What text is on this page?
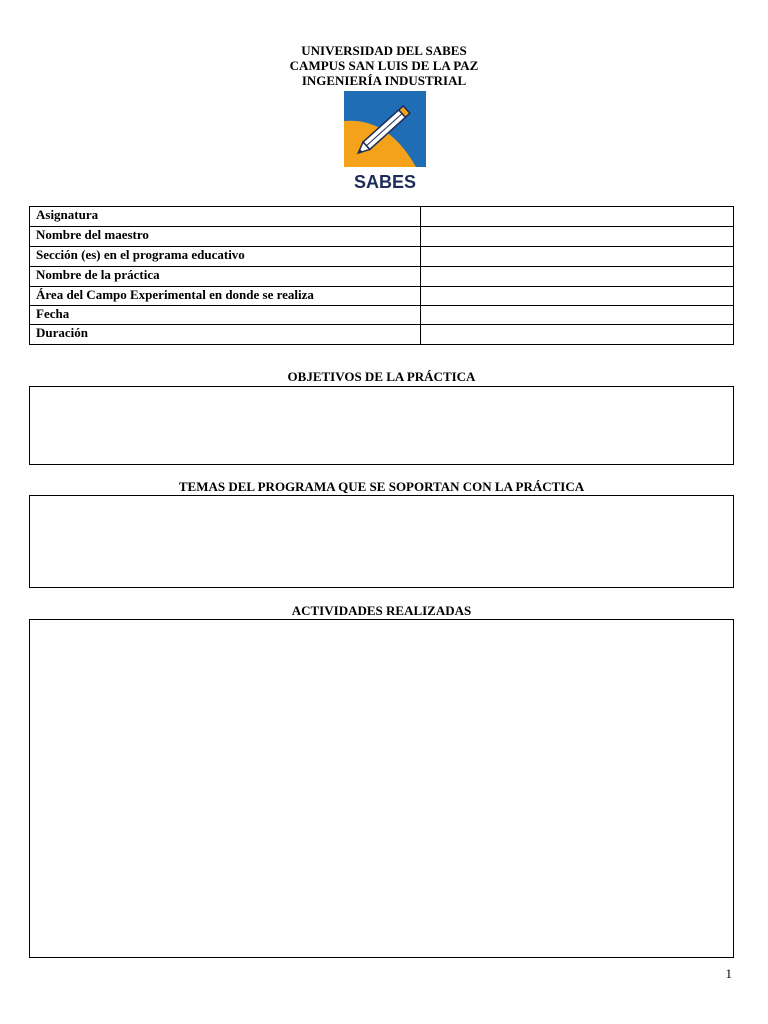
UNIVERSIDAD DEL SABES
CAMPUS SAN LUIS DE LA PAZ
INGENIERÍA INDUSTRIAL
SABES
Asignatura	
Nombre del maestro	
Sección (es) en el programa educativo	
Nombre de la práctica	
Área del Campo Experimental en donde se realiza	
Fecha	
Duración	
OBJETIVOS DE LA PRÁCTICA
TEMAS DEL PROGRAMA QUE SE SOPORTAN CON LA PRÁCTICA
ACTIVIDADES REALIZADAS
1
